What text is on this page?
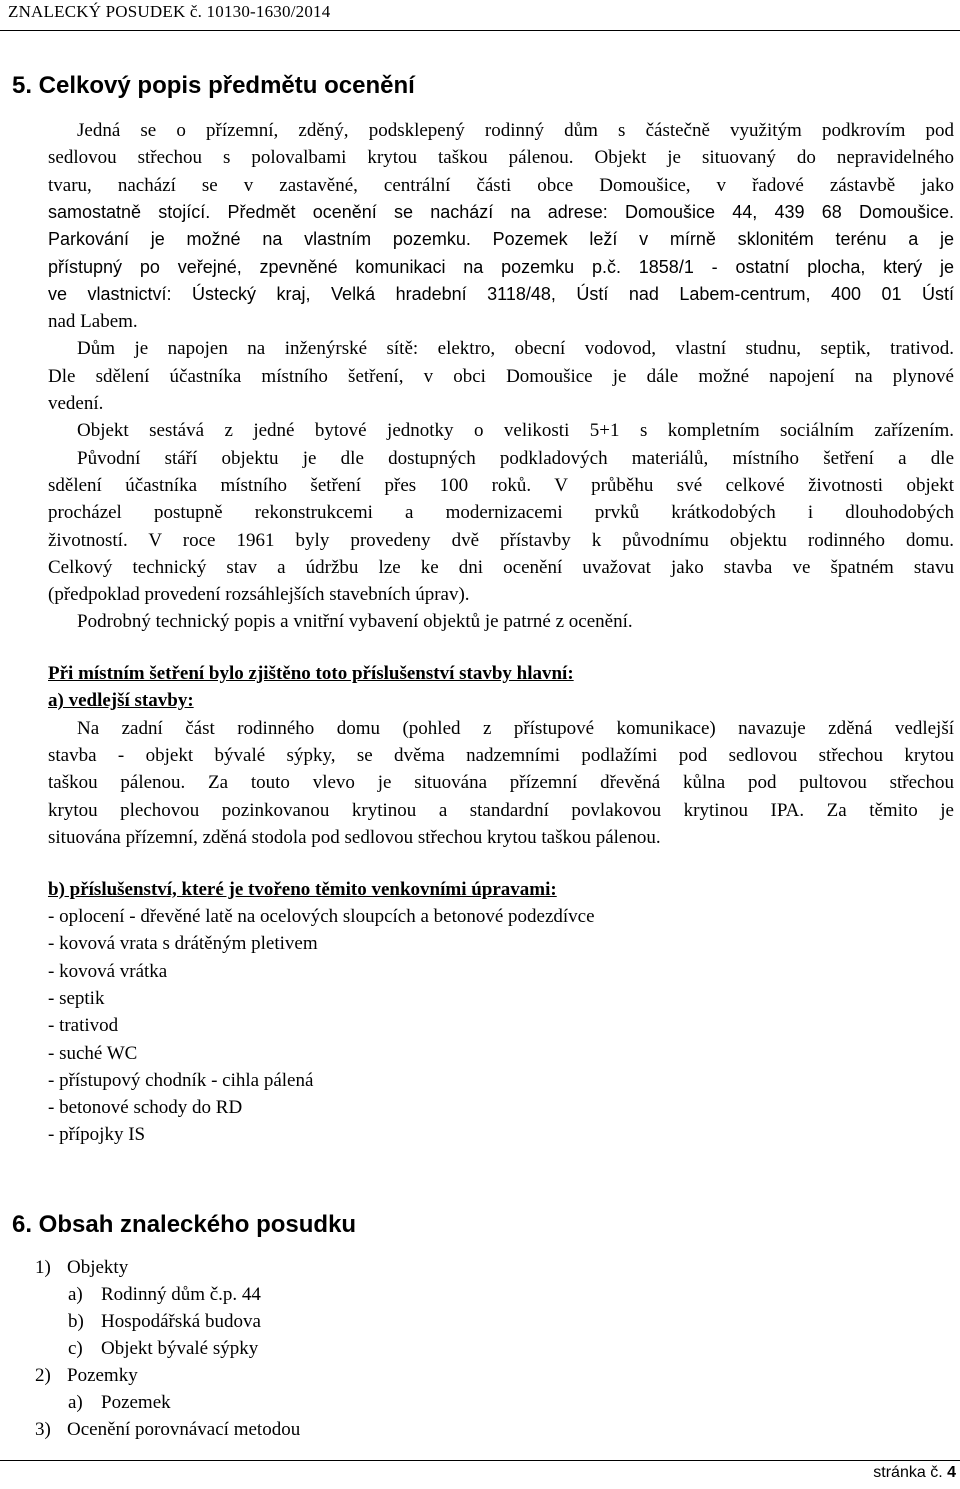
ZNALECKÝ POSUDEK č. 10130-1630/2014
5. Celkový popis předmětu ocenění
Jedná se o přízemní, zděný, podsklepený rodinný dům s částečně využitým podkrovím pod
sedlovou střechou s polovalbami krytou taškou pálenou. Objekt je situovaný do nepravidelného
tvaru, nachází se v zastavěné, centrální části obce Domoušice, v řadové zástavbě jako
samostatně stojící. Předmět ocenění se nachází na adrese: Domoušice 44, 439 68 Domoušice.
Parkování je možné na vlastním pozemku. Pozemek leží v mírně sklonitém terénu a je
přístupný po veřejné, zpevněné komunikaci na pozemku p.č. 1858/1 - ostatní plocha, který je
ve vlastnictví: Ústecký kraj, Velká hradební 3118/48, Ústí nad Labem-centrum, 400 01 Ústí
nad Labem.
Dům je napojen na inženýrské sítě: elektro, obecní vodovod, vlastní studnu, septik, trativod.
Dle sdělení účastníka místního šetření, v obci Domoušice je dále možné napojení na plynové
vedení.
Objekt sestává z jedné bytové jednotky o velikosti 5+1 s kompletním sociálním zařízením.
Původní stáří objektu je dle dostupných podkladových materiálů, místního šetření a dle
sdělení účastníka místního šetření přes 100 roků. V průběhu své celkové životnosti objekt
procházel postupně rekonstrukcemi a modernizacemi prvků krátkodobých i dlouhodobých
životností. V roce 1961 byly provedeny dvě přístavby k původnímu objektu rodinného domu.
Celkový technický stav a údržbu lze ke dni ocenění uvažovat jako stavba ve špatném stavu
(předpoklad provedení rozsáhlejších stavebních úprav).
Podrobný technický popis a vnitřní vybavení objektů je patrné z ocenění.
Při místním šetření bylo zjištěno toto příslušenství stavby hlavní:
a) vedlejší stavby:
Na zadní část rodinného domu (pohled z přístupové komunikace) navazuje zděná vedlejší
stavba - objekt bývalé sýpky, se dvěma nadzemními podlažími pod sedlovou střechou krytou
taškou pálenou. Za touto vlevo je situována přízemní dřevěná kůlna pod pultovou střechou
krytou plechovou pozinkovanou krytinou a standardní povlakovou krytinou IPA. Za těmito je
situována přízemní, zděná stodola pod sedlovou střechou krytou taškou pálenou.
b) příslušenství, které je tvořeno těmito venkovními úpravami:
- oplocení - dřevěné latě na ocelových sloupcích a betonové podezdívce
- kovová vrata s drátěným pletivem
- kovová vrátka
- septik
- trativod
- suché WC
- přístupový chodník - cihla pálená
- betonové schody do RD
- přípojky IS
6. Obsah znaleckého posudku
1) Objekty
a) Rodinný dům č.p. 44
b) Hospodářská budova
c) Objekt bývalé sýpky
2) Pozemky
a) Pozemek
3) Ocenění porovnávací metodou
stránka č. 4
